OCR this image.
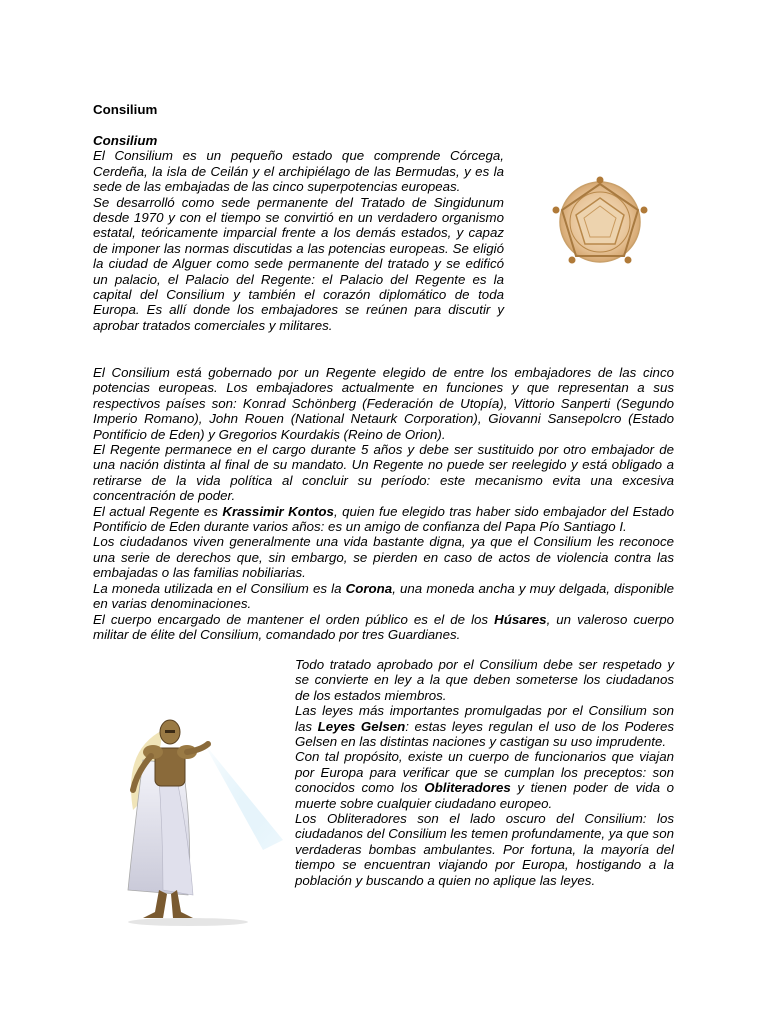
Consilium

Consilium

El Consilium es un pequeño estado que comprende Córcega, Cerdeña, la isla de Ceilán y el archipiélago de las Bermudas, y es la sede de las embajadas de las cinco superpotencias europeas.

Se desarrolló como sede permanente del Tratado de Singidunum desde 1970 y con el tiempo se convirtió en un verdadero organismo estatal, teóricamente imparcial frente a los demás estados, y capaz de imponer las normas discutidas a las potencias europeas. Se eligió la ciudad de Alguer como sede permanente del tratado y se edificó un palacio, el Palacio del Regente: el Palacio del Regente es la capital del Consilium y también el corazón diplomático de toda Europa. Es allí donde los embajadores se reúnen para discutir y aprobar tratados comerciales y militares.

El Consilium está gobernado por un Regente elegido de entre los embajadores de las cinco potencias europeas. Los embajadores actualmente en funciones y que representan a sus respectivos países son: Konrad Schönberg (Federación de Utopía), Vittorio Sanperti (Segundo Imperio Romano), John Rouen (National Netaurk Corporation), Giovanni Sansepolcro (Estado Pontificio de Eden) y Gregorios Kourdakis (Reino de Orion).

El Regente permanece en el cargo durante 5 años y debe ser sustituido por otro embajador de una nación distinta al final de su mandato. Un Regente no puede ser reelegido y está obligado a retirarse de la vida política al concluir su período: este mecanismo evita una excesiva concentración de poder.

El actual Regente es Krassimir Kontos, quien fue elegido tras haber sido embajador del Estado Pontificio de Eden durante varios años: es un amigo de confianza del Papa Pío Santiago I.

Los ciudadanos viven generalmente una vida bastante digna, ya que el Consilium les reconoce una serie de derechos que, sin embargo, se pierden en caso de actos de violencia contra las embajadas o las familias nobiliarias.

La moneda utilizada en el Consilium es la Corona, una moneda ancha y muy delgada, disponible en varias denominaciones.

El cuerpo encargado de mantener el orden público es el de los Húsares, un valeroso cuerpo militar de élite del Consilium, comandado por tres Guardianes.

Todo tratado aprobado por el Consilium debe ser respetado y se convierte en ley a la que deben someterse los ciudadanos de los estados miembros.

Las leyes más importantes promulgadas por el Consilium son las Leyes Gelsen: estas leyes regulan el uso de los Poderes Gelsen en las distintas naciones y castigan su uso imprudente.

Con tal propósito, existe un cuerpo de funcionarios que viajan por Europa para verificar que se cumplan los preceptos: son conocidos como los Obliteradores y tienen poder de vida o muerte sobre cualquier ciudadano europeo.

Los Obliteradores son el lado oscuro del Consilium: los ciudadanos del Consilium les temen profundamente, ya que son verdaderas bombas ambulantes. Por fortuna, la mayoría del tiempo se encuentran viajando por Europa, hostigando a la población y buscando a quien no aplique las leyes.
